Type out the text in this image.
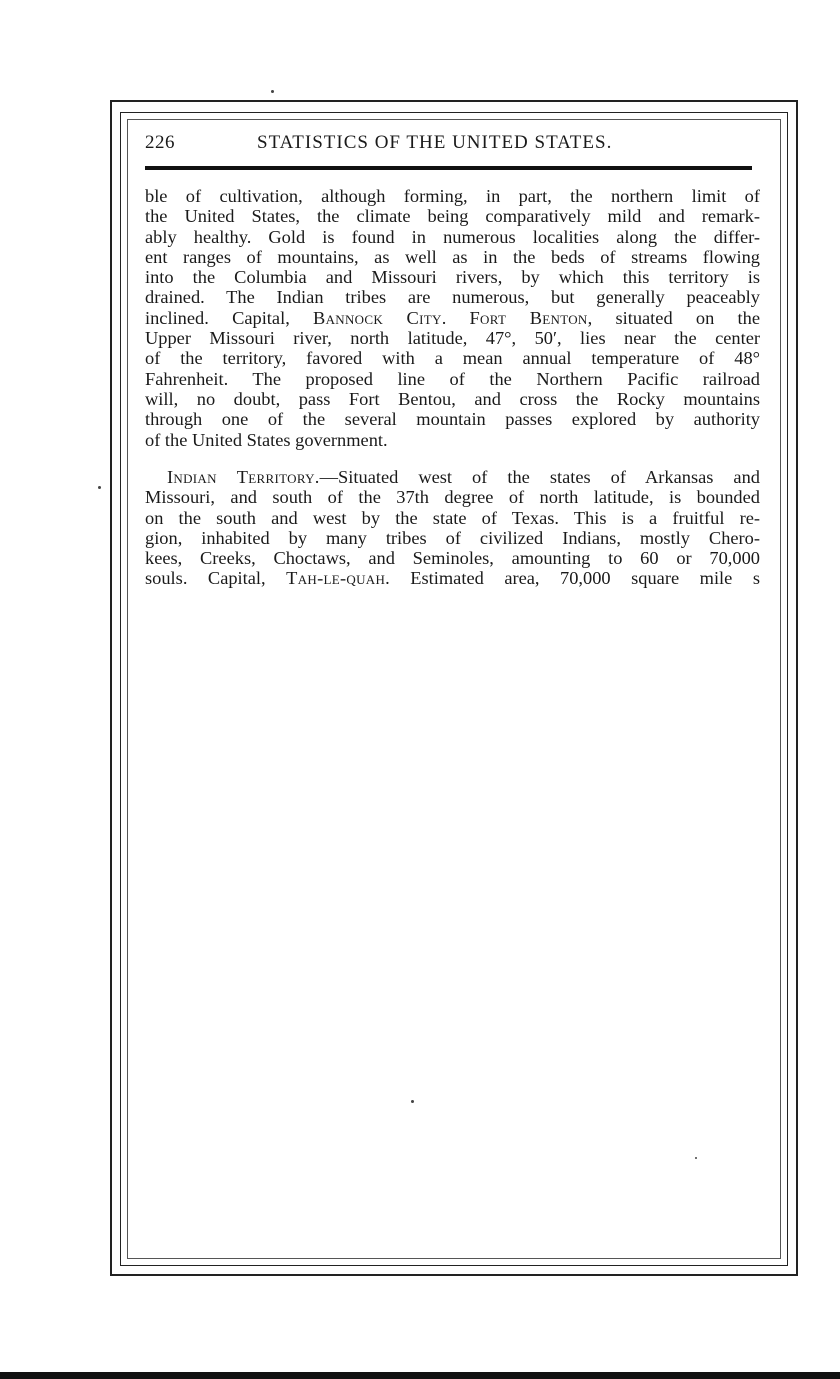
226	STATISTICS OF THE UNITED STATES.
ble of cultivation, although forming, in part, the northern limit of
the United States, the climate being comparatively mild and remark-
ably healthy. Gold is found in numerous localities along the differ-
ent ranges of mountains, as well as in the beds of streams flowing
into the Columbia and Missouri rivers, by which this territory is
drained. The Indian tribes are numerous, but generally peaceably
inclined. Capital, Bannock City. Fort Benton, situated on the
Upper Missouri river, north latitude, 47°, 50′, lies near the center
of the territory, favored with a mean annual temperature of 48°
Fahrenheit. The proposed line of the Northern Pacific railroad
will, no doubt, pass Fort Bentou, and cross the Rocky mountains
through one of the several mountain passes explored by authority
of the United States government.
Indian Territory.—Situated west of the states of Arkansas and
Missouri, and south of the 37th degree of north latitude, is bounded
on the south and west by the state of Texas. This is a fruitful re-
gion, inhabited by many tribes of civilized Indians, mostly Chero-
kees, Creeks, Choctaws, and Seminoles, amounting to 60 or 70,000
souls. Capital, Tah-le-quah. Estimated area, 70,000 square mile s
